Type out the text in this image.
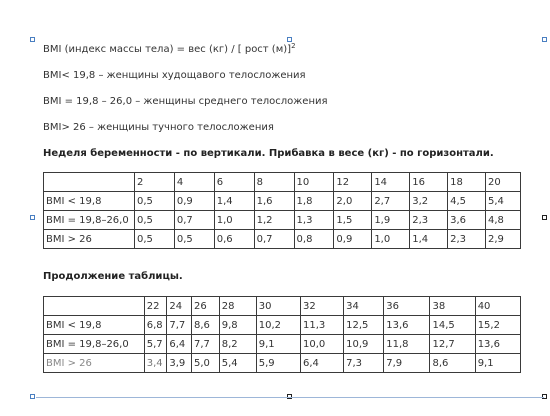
BMI (индекс массы тела) = вес (кг) / [ рост (м)]$^2$
BMI< 19,8 – женщины худощавого телосложения
BMI = 19,8 – 26,0 – женщины среднего телосложения
BMI> 26 – женщины тучного телосложения
Неделя беременности - по вертикали. Прибавка в весе (кг) - по горизонтали.
	2	4	6	8	10	12	14	16	18	20
BMI < 19,8	0,5	0,9	1,4	1,6	1,8	2,0	2,7	3,2	4,5	5,4
BMI = 19,8–26,0	0,5	0,7	1,0	1,2	1,3	1,5	1,9	2,3	3,6	4,8
BMI > 26	0,5	0,5	0,6	0,7	0,8	0,9	1,0	1,4	2,3	2,9
Продолжение таблицы.
	22	24	26	28	30	32	34	36	38	40
BMI < 19,8	6,8	7,7	8,6	9,8	10,2	11,3	12,5	13,6	14,5	15,2
BMI = 19,8–26,0	5,7	6,4	7,7	8,2	9,1	10,0	10,9	11,8	12,7	13,6
BMI > 26	3,4	3,9	5,0	5,4	5,9	6,4	7,3	7,9	8,6	9,1
